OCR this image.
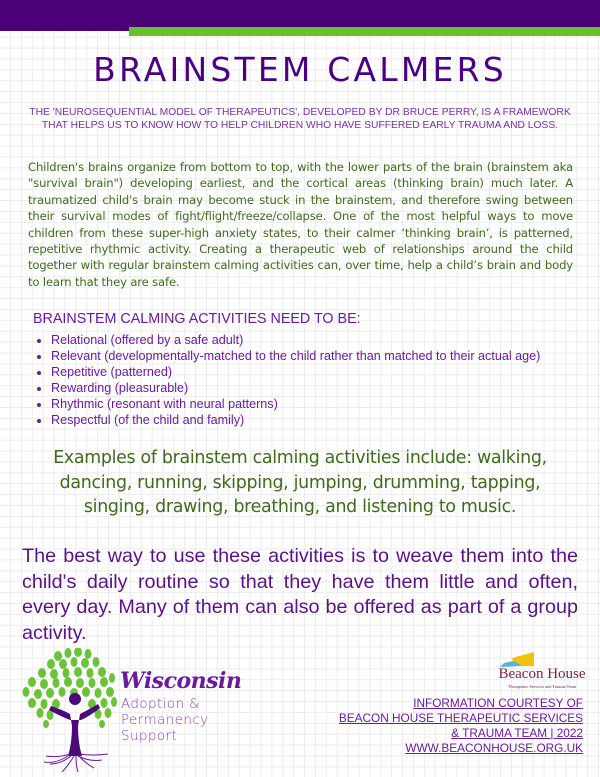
BRAINSTEM CALMERS

THE 'NEUROSEQUENTIAL MODEL OF THERAPEUTICS', DEVELOPED BY DR BRUCE PERRY, IS A FRAMEWORK THAT HELPS US TO KNOW HOW TO HELP CHILDREN WHO HAVE SUFFERED EARLY TRAUMA AND LOSS.

Children's brains organize from bottom to top, with the lower parts of the brain (brainstem aka "survival brain") developing earliest, and the cortical areas (thinking brain) much later. A traumatized child's brain may become stuck in the brainstem, and therefore swing between their survival modes of fight/flight/freeze/collapse. One of the most helpful ways to move children from these super-high anxiety states, to their calmer ‘thinking brain’, is patterned, repetitive rhythmic activity. Creating a therapeutic web of relationships around the child together with regular brainstem calming activities can, over time, help a child’s brain and body to learn that they are safe.

BRAINSTEM CALMING ACTIVITIES NEED TO BE:
• Relational (offered by a safe adult)
• Relevant (developmentally-matched to the child rather than matched to their actual age)
• Repetitive (patterned)
• Rewarding (pleasurable)
• Rhythmic (resonant with neural patterns)
• Respectful (of the child and family)

Examples of brainstem calming activities include: walking, dancing, running, skipping, jumping, drumming, tapping, singing, drawing, breathing, and listening to music.

The best way to use these activities is to weave them into the child's daily routine so that they have them little and often, every day. Many of them can also be offered as part of a group activity.

Wisconsin

Adoption &

Permanency

Support

Beacon House

Therapeutic Services and Trauma Team

INFORMATION COURTESY OF
BEACON HOUSE THERAPEUTIC SERVICES
& TRAUMA TEAM | 2022
WWW.BEACONHOUSE.ORG.UK
